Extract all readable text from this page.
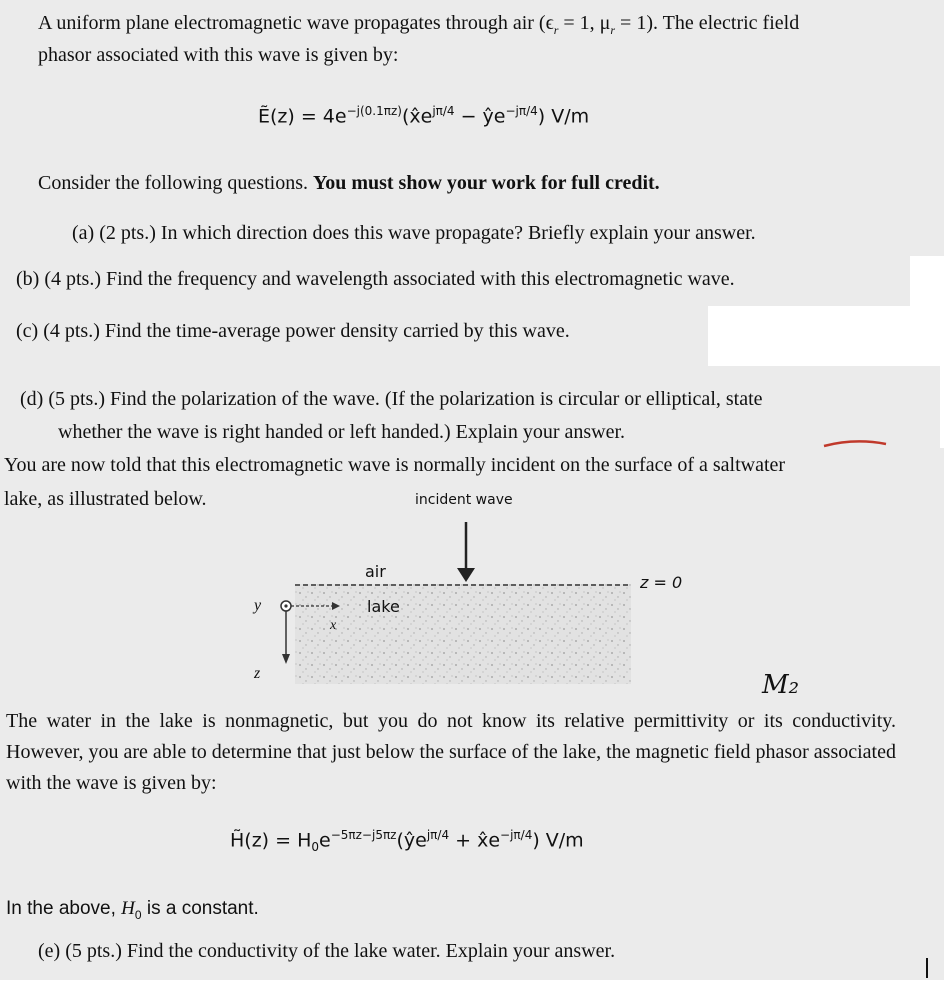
A uniform plane electromagnetic wave propagates through air ($\epsilon_r = 1$, $\mu_r = 1$). The electric field
phasor associated with this wave is given by:
Ẽ(z) = $4e^{-j(0.1\pi z)}(x̂e^{j\pi/4}$ − $ŷe^{-j\pi/4}$) V/m
Consider the following questions. You must show your work for full credit.
(a) (2 pts.) In which direction does this wave propagate? Briefly explain your answer.
(b) (4 pts.) Find the frequency and wavelength associated with this electromagnetic wave.
(c) (4 pts.) Find the time-average power density carried by this wave.
(d) (5 pts.) Find the polarization of the wave. (If the polarization is circular or elliptical, state
whether the wave is right handed or left handed.) Explain your answer.
You are now told that this electromagnetic wave is normally incident on the surface of a saltwater
lake, as illustrated below.	incident wave
air
lake
z = 0
y
x
z	M₂
The water in the lake is nonmagnetic, but you do not know its relative permittivity or its conductivity. However, you are able to determine that just below the surface of the lake, the magnetic field phasor associated with the wave is given by:
H̃(z) = $H_0e^{-5\pi z-j5\pi z}(ŷe^{j\pi/4}$ + $x̂e^{-j\pi/4}$) V/m
In the above, $H_0$ is a constant.
(e) (5 pts.) Find the conductivity of the lake water. Explain your answer.
